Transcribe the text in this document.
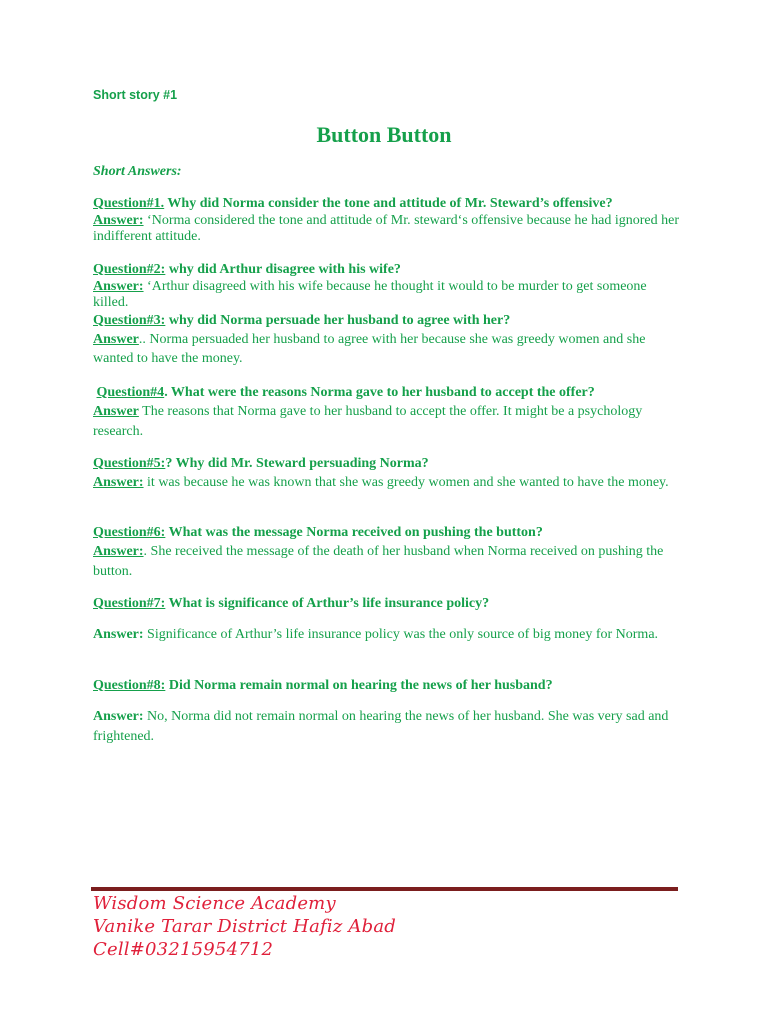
Short story #1
Button Button
Short Answers:
Question#1. Why did Norma consider the tone and attitude of Mr. Steward’s offensive?
Answer: ‘Norma considered the tone and attitude of Mr. steward‘s offensive because he had ignored her indifferent attitude.
Question#2: why did Arthur disagree with his wife?
Answer: ‘Arthur disagreed with his wife because he thought it would to be murder to get someone killed.
Question#3: why did Norma persuade her husband to agree with her?
Answer.. Norma persuaded her husband to agree with her because she was greedy women and she wanted to have the money.
Question#4. What were the reasons Norma gave to her husband to accept the offer?
Answer The reasons that Norma gave to her husband to accept the offer. It might be a psychology research.
Question#5:? Why did Mr. Steward persuading Norma?
Answer: it was because he was known that she was greedy women and she wanted to have the money.
Question#6: What was the message Norma received on pushing the button?
Answer:. She received the message of the death of her husband when Norma received on pushing the button.
Question#7: What is significance of Arthur’s life insurance policy?
Answer: Significance of Arthur’s life insurance policy was the only source of big money for Norma.
Question#8: Did Norma remain normal on hearing the news of her husband?
Answer: No, Norma did not remain normal on hearing the news of her husband. She was very sad and frightened.
Wisdom Science Academy
Vanike Tarar District Hafiz Abad
Cell#03215954712
